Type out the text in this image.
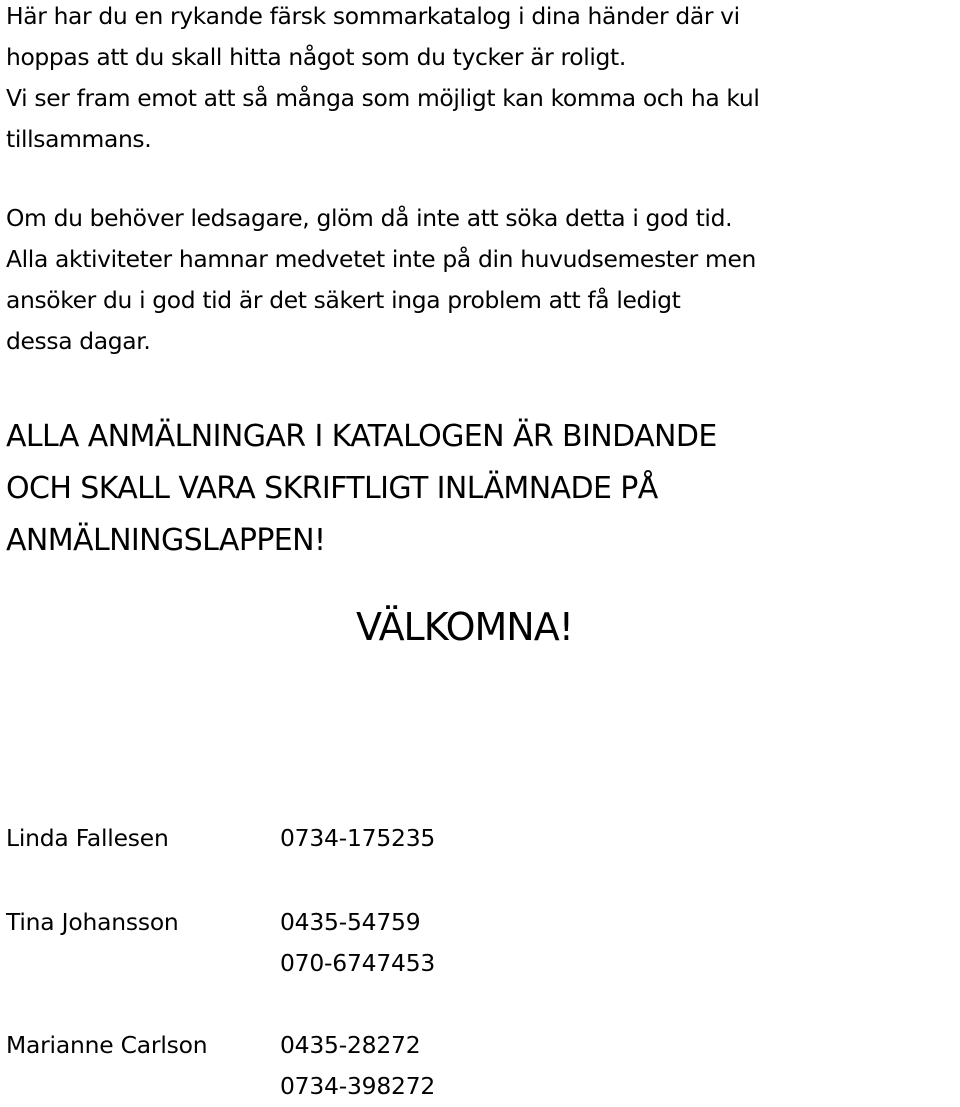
Här har du en rykande färsk sommarkatalog i dina händer där vi
hoppas att du skall hitta något som du tycker är roligt.
Vi ser fram emot att så många som möjligt kan komma och ha kul
tillsammans.

Om du behöver ledsagare, glöm då inte att söka detta i god tid.
Alla aktiviteter hamnar medvetet inte på din huvudsemester men
ansöker du i god tid är det säkert inga problem att få ledigt
dessa dagar.

ALLA ANMÄLNINGAR I KATALOGEN ÄR BINDANDE
OCH SKALL VARA SKRIFTLIGT INLÄMNADE PÅ
ANMÄLNINGSLAPPEN!

VÄLKOMNA!
Linda Fallesen	0734-175235
Tina Johansson	0435-54759
070-6747453
Marianne Carlson	0435-28272
0734-398272
